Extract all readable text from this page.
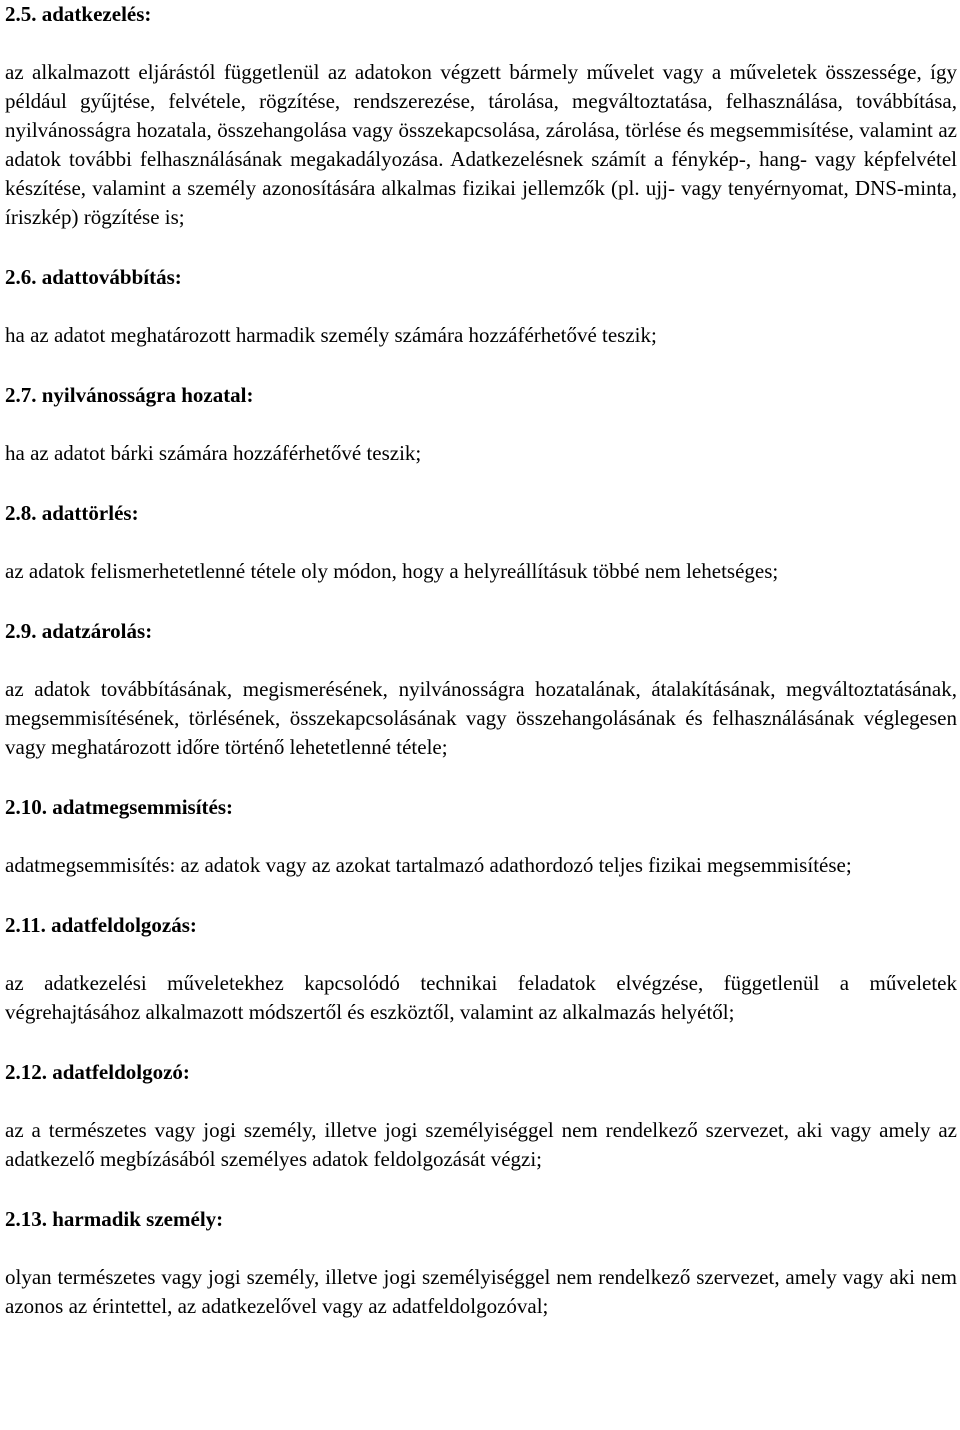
2.5. adatkezelés:

az alkalmazott eljárástól függetlenül az adatokon végzett bármely művelet vagy a műveletek összessége, így például gyűjtése, felvétele, rögzítése, rendszerezése, tárolása, megváltoztatása, felhasználása, továbbítása, nyilvánosságra hozatala, összehangolása vagy összekapcsolása, zárolása, törlése és megsemmisítése, valamint az adatok további felhasználásának megakadályozása. Adatkezelésnek számít a fénykép-, hang- vagy képfelvétel készítése, valamint a személy azonosítására alkalmas fizikai jellemzők (pl. ujj- vagy tenyérnyomat, DNS-minta, íriszkép) rögzítése is;

2.6. adattovábbítás:

ha az adatot meghatározott harmadik személy számára hozzáférhetővé teszik;

2.7. nyilvánosságra hozatal:

ha az adatot bárki számára hozzáférhetővé teszik;

2.8. adattörlés:

az adatok felismerhetetlenné tétele oly módon, hogy a helyreállításuk többé nem lehetséges;

2.9. adatzárolás:

az adatok továbbításának, megismerésének, nyilvánosságra hozatalának, átalakításának, megváltoztatásának, megsemmisítésének, törlésének, összekapcsolásának vagy összehangolásának és felhasználásának véglegesen vagy meghatározott időre történő lehetetlenné tétele;

2.10. adatmegsemmisítés:

adatmegsemmisítés: az adatok vagy az azokat tartalmazó adathordozó teljes fizikai megsemmisítése;

2.11. adatfeldolgozás:

az adatkezelési műveletekhez kapcsolódó technikai feladatok elvégzése, függetlenül a műveletek végrehajtásához alkalmazott módszertől és eszköztől, valamint az alkalmazás helyétől;

2.12. adatfeldolgozó:

az a természetes vagy jogi személy, illetve jogi személyiséggel nem rendelkező szervezet, aki vagy amely az adatkezelő megbízásából személyes adatok feldolgozását végzi;

2.13. harmadik személy:

olyan természetes vagy jogi személy, illetve jogi személyiséggel nem rendelkező szervezet, amely vagy aki nem azonos az érintettel, az adatkezelővel vagy az adatfeldolgozóval;
